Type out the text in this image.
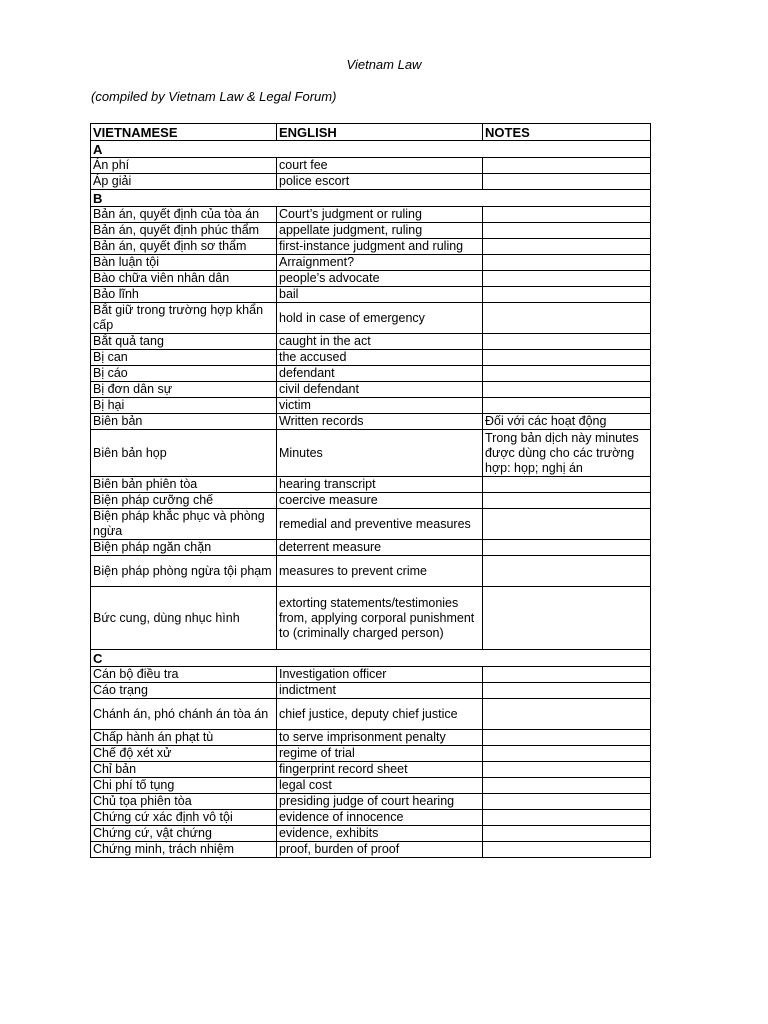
Vietnam Law
(compiled by Vietnam Law & Legal Forum)
VIETNAMESE	ENGLISH	NOTES
A		
Án phí	court fee	
Áp giải	police escort	
B		
Bản án, quyết định của tòa án	Court’s judgment or ruling	
Bản án, quyết định phúc thẩm	appellate judgment, ruling	
Bản án, quyết định sơ thẩm	first-instance judgment and ruling	
Bàn luận tội	Arraignment?	
Bào chữa viên nhân dân	people’s advocate	
Bảo lĩnh	bail	
Bắt giữ trong trường hợp khẩn cấp	hold in case of emergency	
Bắt quả tang	caught in the act	
Bị can	the accused	
Bị cáo	defendant	
Bị đơn dân sự	civil defendant	
Bị hại	victim	
Biên bản	Written records	Đối với các hoạt động
Biên bản họp	Minutes	Trong bản dịch này minutes được dùng cho các trường hợp: họp; nghị án
Biên bản phiên tòa	hearing transcript	
Biện pháp cưỡng chế	coercive measure	
Biện pháp khắc phục và phòng ngừa	remedial and preventive measures	
Biện pháp ngăn chặn	deterrent measure	
Biện pháp phòng ngừa tội phạm	measures to prevent crime	
Bức cung, dùng nhục hình	extorting statements/testimonies from, applying corporal punishment to (criminally charged person)	
C		
Cán bộ điều tra	Investigation officer	
Cáo trạng	indictment	
Chánh án, phó chánh án tòa án	chief justice, deputy chief justice	
Chấp hành án phạt tù	to serve imprisonment penalty	
Chế độ xét xử	regime of trial	
Chỉ bản	fingerprint record sheet	
Chi phí tố tụng	legal cost	
Chủ tọa phiên tòa	presiding judge of court hearing	
Chứng cứ xác định vô tội	evidence of innocence	
Chứng cứ, vật chứng	evidence, exhibits	
Chứng minh, trách nhiệm	proof, burden of proof	
